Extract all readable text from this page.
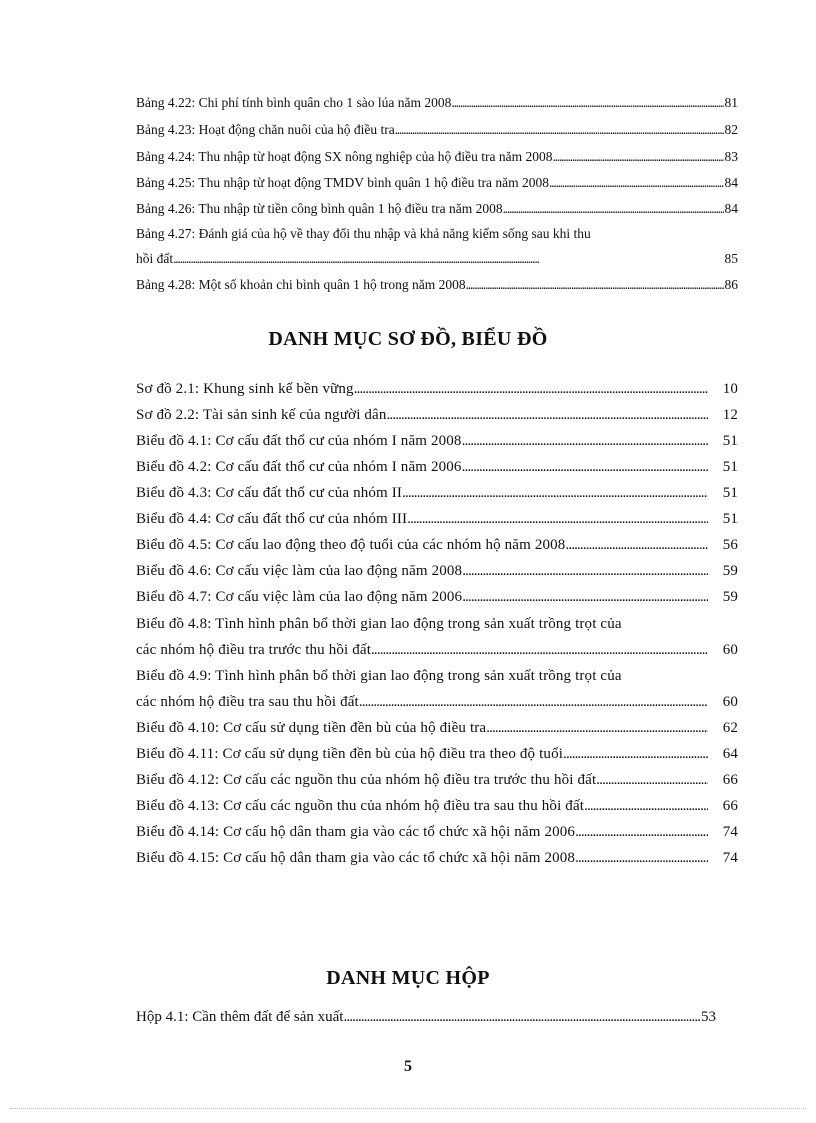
Bảng 4.22: Chi phí tính bình quân cho 1 sào lúa năm 2008 . . .	81
Bảng 4.23: Hoạt động chăn nuôi của hộ điều tra . . .	82
Bảng 4.24: Thu nhập từ hoạt động SX nông nghiệp của hộ điều tra năm 2008 . . .	83
Bảng 4.25: Thu nhập từ hoạt động TMDV bình quân 1 hộ điều tra năm 2008 . . .	84
Bảng 4.26: Thu nhập từ tiền công bình quân 1 hộ điều tra năm 2008 . . .	84
Bảng 4.27: Đánh giá của hộ về thay đổi thu nhập và khả năng kiếm sống sau khi thu
hồi đất . . .	85
Bảng 4.28: Một số khoản chi bình quân 1 hộ trong năm 2008 . . .	86
DANH MỤC SƠ ĐỒ, BIỂU ĐỒ
Sơ đồ 2.1: Khung sinh kế bền vững . . .	10
Sơ đồ 2.2: Tài sản sinh kế của người dân . . .	12
Biểu đồ 4.1: Cơ cấu đất thổ cư của nhóm I năm 2008 . . .	51
Biểu đồ 4.2: Cơ cấu đất thổ cư của nhóm I năm 2006 . . .	51
Biểu đồ 4.3: Cơ cấu đất thổ cư của nhóm II . . .	51
Biểu đồ 4.4: Cơ cấu đất thổ cư của nhóm III . . .	51
Biểu đồ 4.5: Cơ cấu lao động theo độ tuổi của các nhóm hộ năm 2008 . . .	56
Biểu đồ 4.6: Cơ cấu việc làm của lao động năm 2008 . . .	59
Biểu đồ 4.7: Cơ cấu việc làm của lao động năm 2006 . . .	59
Biểu đồ 4.8: Tình hình phân bổ thời gian lao động trong sản xuất trồng trọt của
các nhóm hộ điều tra trước thu hồi đất . . .	60
Biểu đồ 4.9: Tình hình phân bổ thời gian lao động trong sản xuất trồng trọt của
các nhóm hộ điều tra sau thu hồi đất . . .	60
Biểu đồ 4.10: Cơ cấu sử dụng tiền đền bù của hộ điều tra . . .	62
Biểu đồ 4.11: Cơ cấu sử dụng tiền đền bù của hộ điều tra theo độ tuổi . . .	64
Biểu đồ 4.12: Cơ cấu các nguồn thu của nhóm hộ điều tra trước thu hồi đất . . .	66
Biểu đồ 4.13: Cơ cấu các nguồn thu của nhóm hộ điều tra sau thu hồi đất . . .	66
Biểu đồ 4.14: Cơ cấu hộ dân tham gia vào các tổ chức xã hội năm 2006 . . .	74
Biểu đồ 4.15: Cơ cấu hộ dân tham gia vào các tổ chức xã hội năm 2008 . . .	74
DANH MỤC HỘP
Hộp 4.1: Cần thêm đất để sản xuất . . .	53
5
